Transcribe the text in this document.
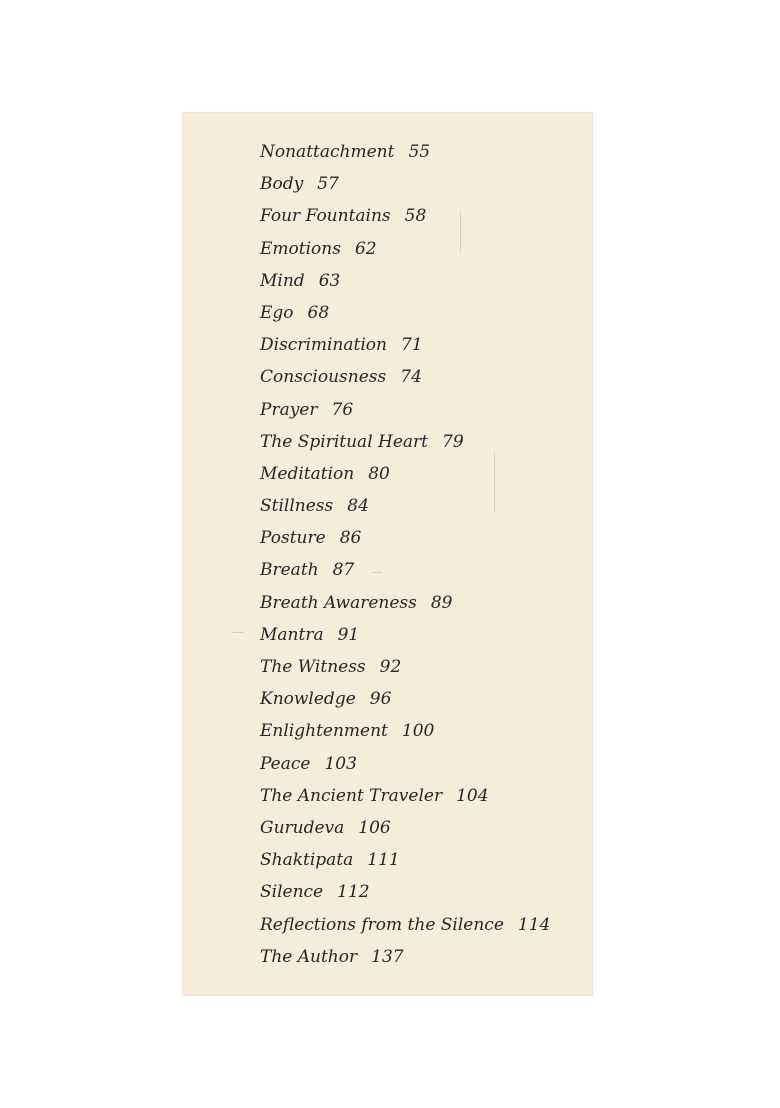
Nonattachment 55
Body 57
Four Fountains 58
Emotions 62
Mind 63
Ego 68
Discrimination 71
Consciousness 74
Prayer 76
The Spiritual Heart 79
Meditation 80
Stillness 84
Posture 86
Breath 87
Breath Awareness 89
Mantra 91
The Witness 92
Knowledge 96
Enlightenment 100
Peace 103
The Ancient Traveler 104
Gurudeva 106
Shaktipata 111
Silence 112
Reflections from the Silence 114
The Author 137
